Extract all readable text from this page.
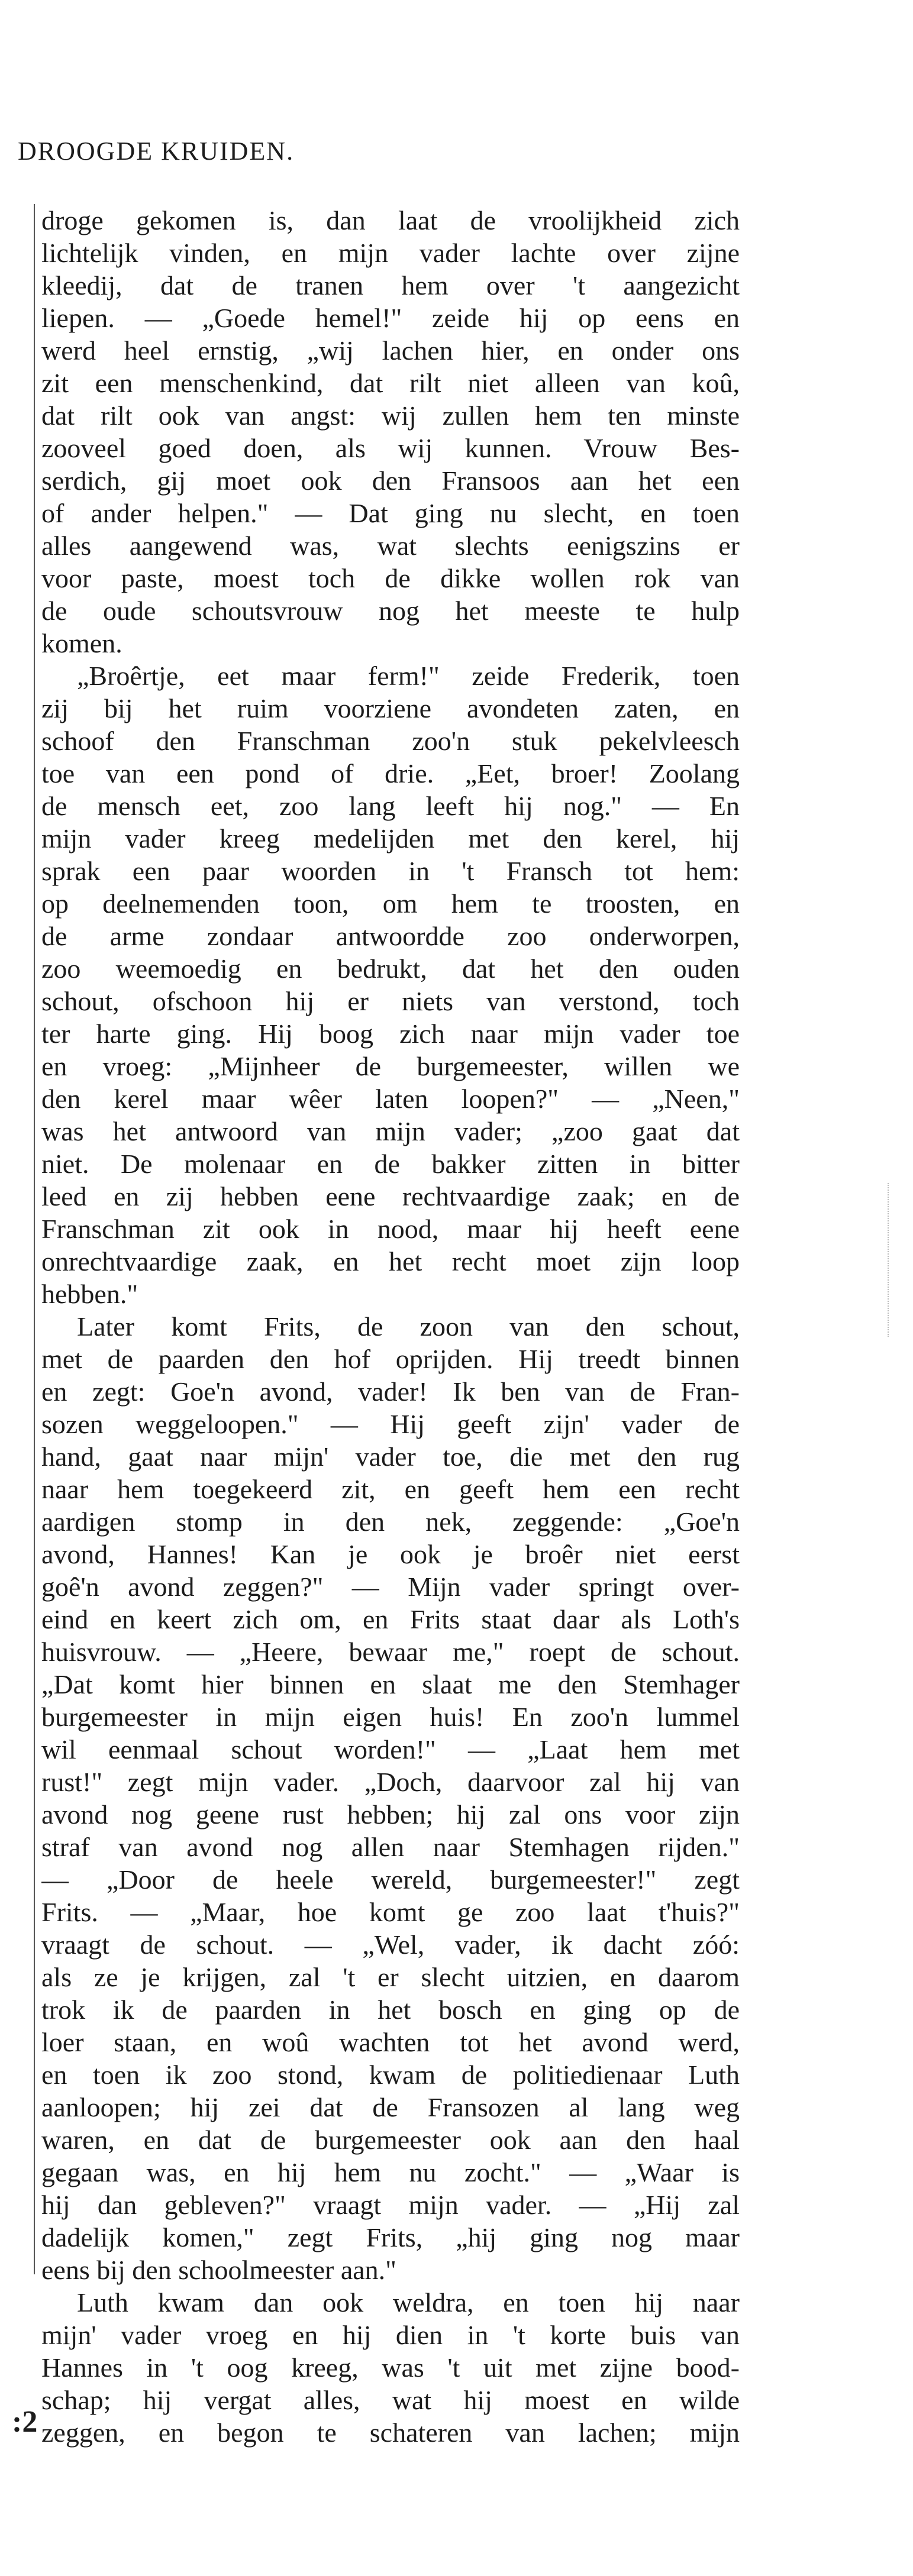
DROOGDE KRUIDEN.
droge gekomen is, dan laat de vroolijkheid zich
lichtelijk vinden, en mijn vader lachte over zijne
kleedij, dat de tranen hem over 't aangezicht
liepen. — „Goede hemel!" zeide hij op eens en
werd heel ernstig, „wij lachen hier, en onder ons
zit een menschenkind, dat rilt niet alleen van koû,
dat rilt ook van angst: wij zullen hem ten minste
zooveel goed doen, als wij kunnen. Vrouw Bes-
serdich, gij moet ook den Fransoos aan het een
of ander helpen." — Dat ging nu slecht, en toen
alles aangewend was, wat slechts eenigszins er
voor paste, moest toch de dikke wollen rok van
de oude schoutsvrouw nog het meeste te hulp
komen.
„Broêrtje, eet maar ferm!" zeide Frederik, toen
zij bij het ruim voorziene avondeten zaten, en
schoof den Franschman zoo'n stuk pekelvleesch
toe van een pond of drie. „Eet, broer! Zoolang
de mensch eet, zoo lang leeft hij nog." — En
mijn vader kreeg medelijden met den kerel, hij
sprak een paar woorden in 't Fransch tot hem:
op deelnemenden toon, om hem te troosten, en
de arme zondaar antwoordde zoo onderworpen,
zoo weemoedig en bedrukt, dat het den ouden
schout, ofschoon hij er niets van verstond, toch
ter harte ging. Hij boog zich naar mijn vader toe
en vroeg: „Mijnheer de burgemeester, willen we
den kerel maar wêer laten loopen?" — „Neen,"
was het antwoord van mijn vader; „zoo gaat dat
niet. De molenaar en de bakker zitten in bitter
leed en zij hebben eene rechtvaardige zaak; en de
Franschman zit ook in nood, maar hij heeft eene
onrechtvaardige zaak, en het recht moet zijn loop
hebben."
Later komt Frits, de zoon van den schout,
met de paarden den hof oprijden. Hij treedt binnen
en zegt: Goe'n avond, vader! Ik ben van de Fran-
sozen weggeloopen." — Hij geeft zijn' vader de
hand, gaat naar mijn' vader toe, die met den rug
naar hem toegekeerd zit, en geeft hem een recht
aardigen stomp in den nek, zeggende: „Goe'n
avond, Hannes! Kan je ook je broêr niet eerst
goê'n avond zeggen?" — Mijn vader springt over-
eind en keert zich om, en Frits staat daar als Loth's
huisvrouw. — „Heere, bewaar me," roept de schout.
„Dat komt hier binnen en slaat me den Stemhager
burgemeester in mijn eigen huis! En zoo'n lummel
wil eenmaal schout worden!" — „Laat hem met
rust!" zegt mijn vader. „Doch, daarvoor zal hij van
avond nog geene rust hebben; hij zal ons voor zijn
straf van avond nog allen naar Stemhagen rijden."
— „Door de heele wereld, burgemeester!" zegt
Frits. — „Maar, hoe komt ge zoo laat t'huis?"
vraagt de schout. — „Wel, vader, ik dacht zóó:
als ze je krijgen, zal 't er slecht uitzien, en daarom
trok ik de paarden in het bosch en ging op de
loer staan, en woû wachten tot het avond werd,
en toen ik zoo stond, kwam de politiedienaar Luth
aanloopen; hij zei dat de Fransozen al lang weg
waren, en dat de burgemeester ook aan den haal
gegaan was, en hij hem nu zocht." — „Waar is
hij dan gebleven?" vraagt mijn vader. — „Hij zal
dadelijk komen," zegt Frits, „hij ging nog maar
eens bij den schoolmeester aan."
Luth kwam dan ook weldra, en toen hij naar
mijn' vader vroeg en hij dien in 't korte buis van
Hannes in 't oog kreeg, was 't uit met zijne bood-
schap; hij vergat alles, wat hij moest en wilde
zeggen, en begon te schateren van lachen; mijn
:2
